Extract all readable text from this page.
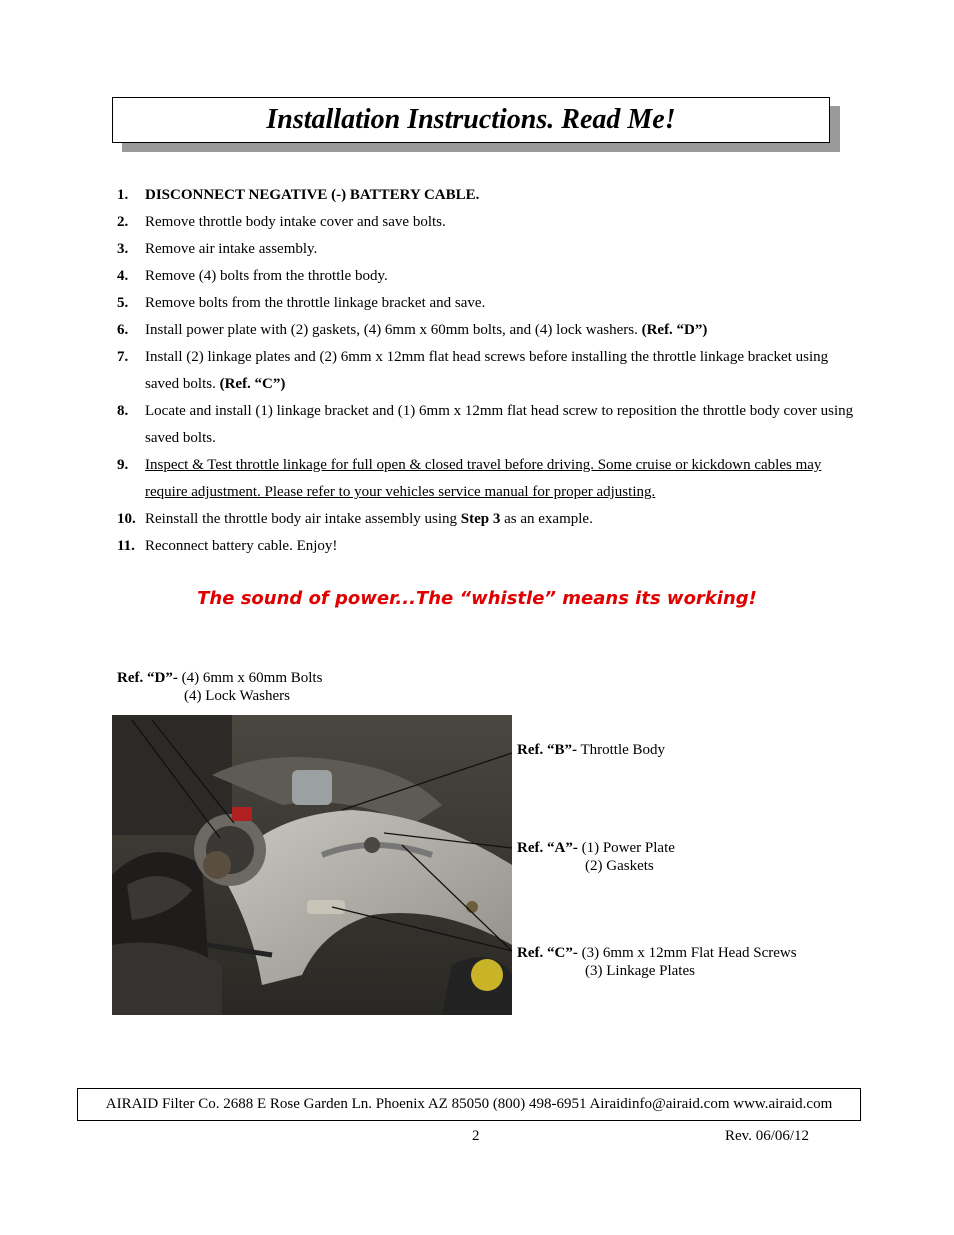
Installation Instructions. Read Me!
1. DISCONNECT NEGATIVE (-) BATTERY CABLE.
2. Remove throttle body intake cover and save bolts.
3. Remove air intake assembly.
4. Remove (4) bolts from the throttle body.
5. Remove bolts from the throttle linkage bracket and save.
6. Install power plate with (2) gaskets, (4) 6mm x 60mm bolts, and (4) lock washers. (Ref. “D”)
7. Install (2) linkage plates and (2) 6mm x 12mm flat head screws before installing the throttle linkage bracket using saved bolts. (Ref. “C”)
8. Locate and install (1) linkage bracket and (1) 6mm x 12mm flat head screw to reposition the throttle body cover using saved bolts.
9. Inspect & Test throttle linkage for full open & closed travel before driving. Some cruise or kickdown cables may require adjustment. Please refer to your vehicles service manual for proper adjusting.
10. Reinstall the throttle body air intake assembly using Step 3 as an example.
11. Reconnect battery cable. Enjoy!
The sound of power...The “whistle” means its working!
Ref. “D”- (4) 6mm x 60mm Bolts
(4) Lock Washers
Ref. “B”- Throttle Body
Ref. “A”- (1) Power Plate
(2) Gaskets
Ref. “C”- (3) 6mm x 12mm Flat Head Screws
(3) Linkage Plates
AIRAID Filter Co. 2688 E Rose Garden Ln. Phoenix AZ 85050 (800) 498-6951 Airaidinfo@airaid.com www.airaid.com
2	Rev. 06/06/12
